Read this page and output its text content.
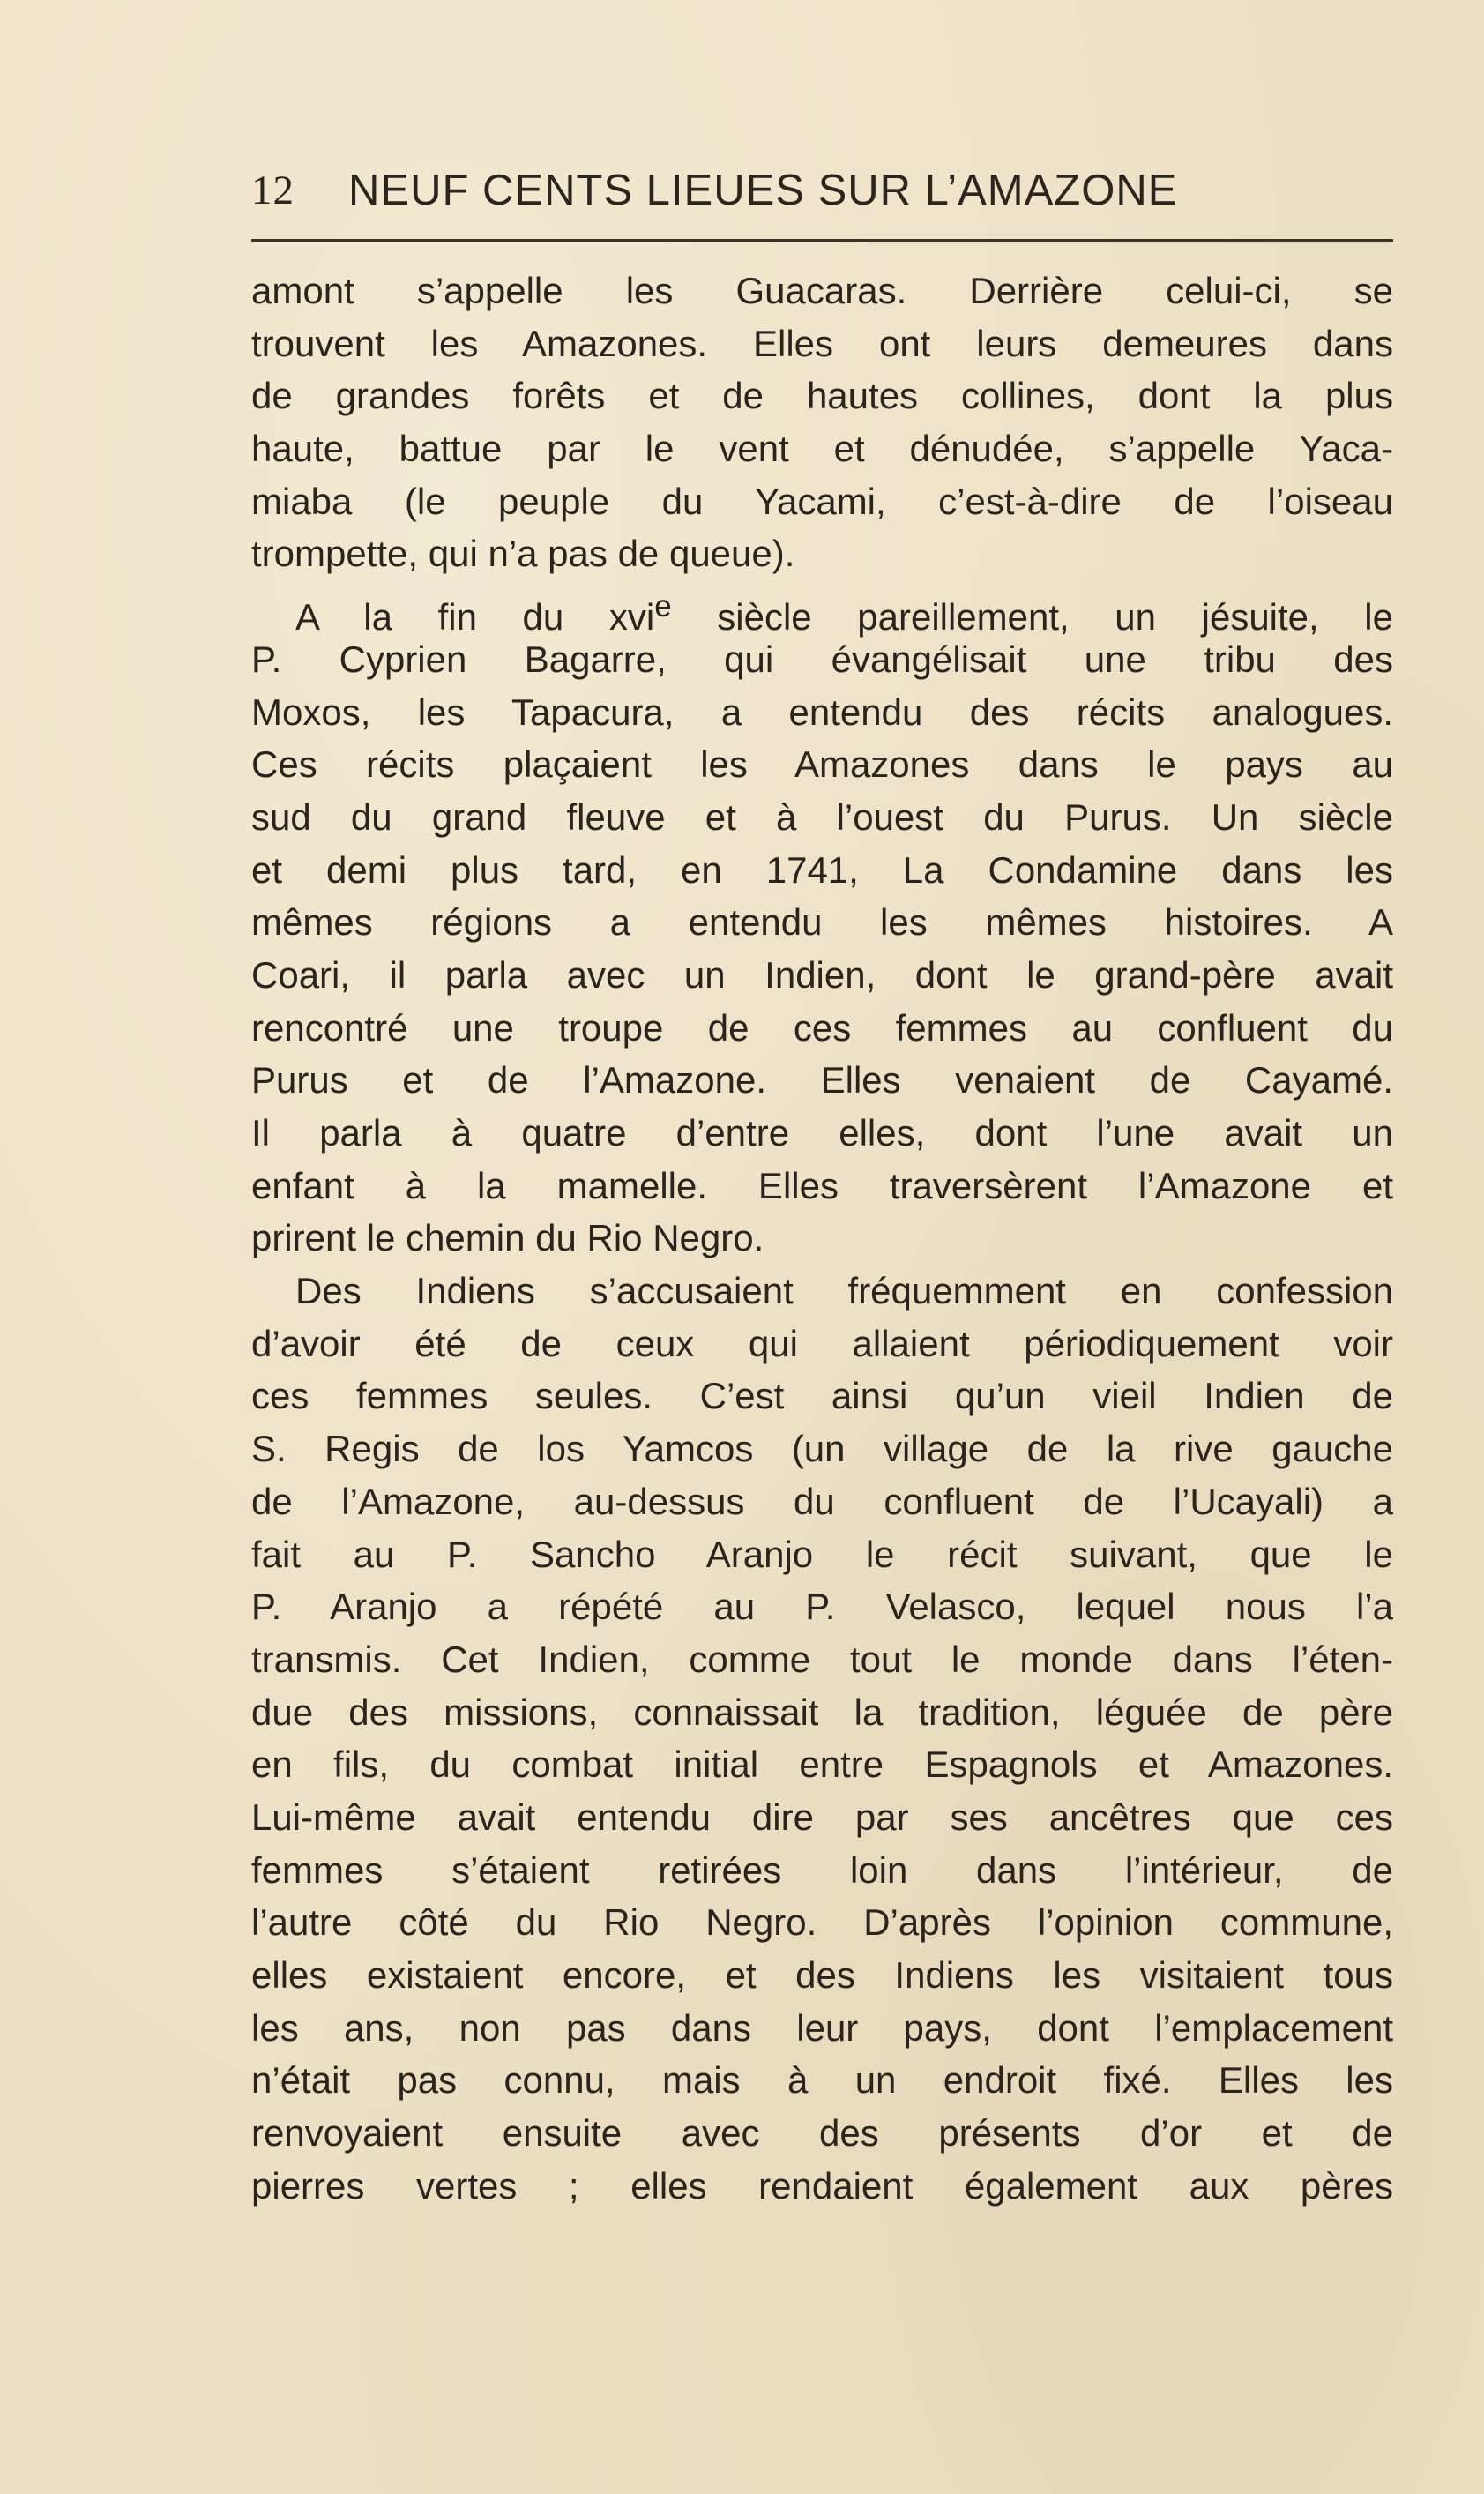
12 NEUF CENTS LIEUES SUR L’AMAZONE
amont s’appelle les Guacaras. Derrière celui-ci, se
trouvent les Amazones. Elles ont leurs demeures dans
de grandes forêts et de hautes collines, dont la plus
haute, battue par le vent et dénudée, s’appelle Yaca-
miaba (le peuple du Yacami, c’est-à-dire de l’oiseau
trompette, qui n’a pas de queue).
A la fin du xvi$^e$ siècle pareillement, un jésuite, le
P. Cyprien Bagarre, qui évangélisait une tribu des
Moxos, les Tapacura, a entendu des récits analogues.
Ces récits plaçaient les Amazones dans le pays au
sud du grand fleuve et à l’ouest du Purus. Un siècle
et demi plus tard, en 1741, La Condamine dans les
mêmes régions a entendu les mêmes histoires. A
Coari, il parla avec un Indien, dont le grand-père avait
rencontré une troupe de ces femmes au confluent du
Purus et de l’Amazone. Elles venaient de Cayamé.
Il parla à quatre d’entre elles, dont l’une avait un
enfant à la mamelle. Elles traversèrent l’Amazone et
prirent le chemin du Rio Negro.
Des Indiens s’accusaient fréquemment en confession
d’avoir été de ceux qui allaient périodiquement voir
ces femmes seules. C’est ainsi qu’un vieil Indien de
S. Regis de los Yamcos (un village de la rive gauche
de l’Amazone, au-dessus du confluent de l’Ucayali) a
fait au P. Sancho Aranjo le récit suivant, que le
P. Aranjo a répété au P. Velasco, lequel nous l’a
transmis. Cet Indien, comme tout le monde dans l’éten-
due des missions, connaissait la tradition, léguée de père
en fils, du combat initial entre Espagnols et Amazones.
Lui-même avait entendu dire par ses ancêtres que ces
femmes s’étaient retirées loin dans l’intérieur, de
l’autre côté du Rio Negro. D’après l’opinion commune,
elles existaient encore, et des Indiens les visitaient tous
les ans, non pas dans leur pays, dont l’emplacement
n’était pas connu, mais à un endroit fixé. Elles les
renvoyaient ensuite avec des présents d’or et de
pierres vertes ; elles rendaient également aux pères
